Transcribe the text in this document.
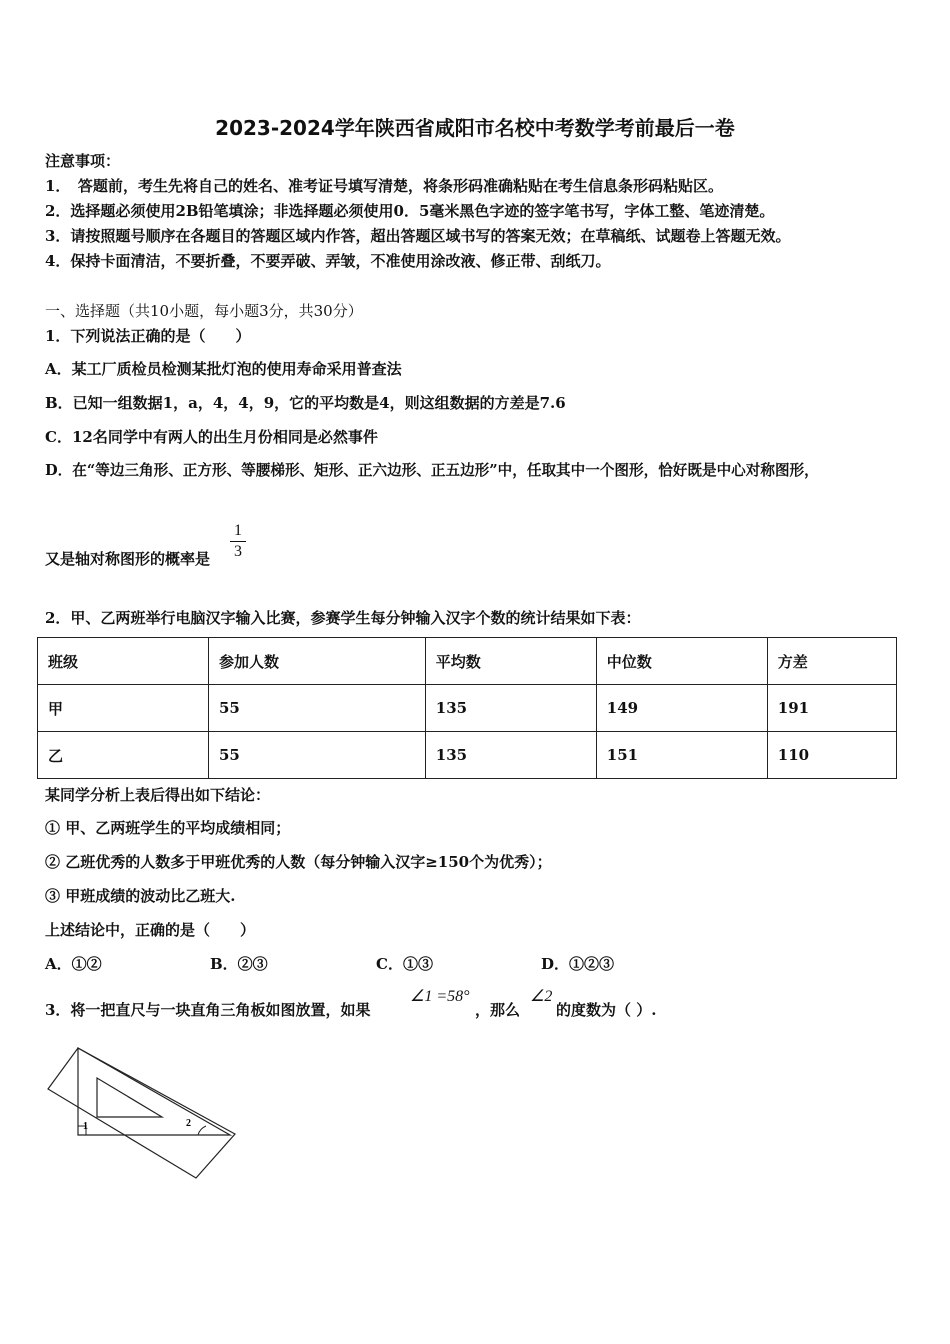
2023-2024学年陕西省咸阳市名校中考数学考前最后一卷
注意事项：
1．　答题前，考生先将自己的姓名、准考证号填写清楚，将条形码准确粘贴在考生信息条形码粘贴区。
2．选择题必须使用2B铅笔填涂；非选择题必须使用0．5毫米黑色字迹的签字笔书写，字体工整、笔迹清楚。
3．请按照题号顺序在各题目的答题区域内作答，超出答题区域书写的答案无效；在草稿纸、试题卷上答题无效。
4．保持卡面清洁，不要折叠，不要弄破、弄皱，不准使用涂改液、修正带、刮纸刀。
一、选择题（共10小题，每小题3分，共30分）
1．下列说法正确的是（　　）
A．某工厂质检员检测某批灯泡的使用寿命采用普查法
B．已知一组数据1，a，4，4，9，它的平均数是4，则这组数据的方差是7.6
C．12名同学中有两人的出生月份相同是必然事件
D．在“等边三角形、正方形、等腰梯形、矩形、正六边形、正五边形”中，任取其中一个图形，恰好既是中心对称图形，
又是轴对称图形的概率是
1
3
2．甲、乙两班举行电脑汉字输入比赛，参赛学生每分钟输入汉字个数的统计结果如下表：
班级	参加人数	平均数	中位数	方差
甲	55	135	149	191
乙	55	135	151	110
某同学分析上表后得出如下结论：
① 甲、乙两班学生的平均成绩相同；
② 乙班优秀的人数多于甲班优秀的人数（每分钟输入汉字≥150个为优秀）；
③ 甲班成绩的波动比乙班大.
上述结论中，正确的是（　　）
A．①②	B．②③	C．①③	D．①②③
3．将一把直尺与一块直角三角板如图放置，如果
∠1 =58°
，那么
∠2
的度数为（ ）.
1	2
